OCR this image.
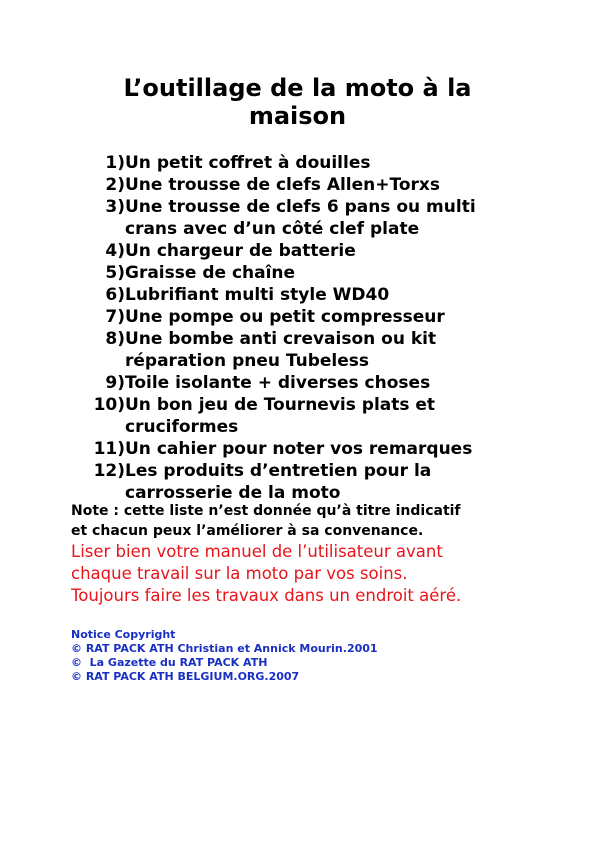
L’outillage de la moto à la
maison
1) Un petit coffret à douilles
2) Une trousse de clefs Allen+Torxs
3) Une trousse de clefs 6 pans ou multi
crans avec d’un côté clef plate
4) Un chargeur de batterie
5) Graisse de chaîne
6) Lubrifiant multi style WD40
7) Une pompe ou petit compresseur
8) Une bombe anti crevaison ou kit
réparation pneu Tubeless
9) Toile isolante + diverses choses
10) Un bon jeu de Tournevis plats et
cruciformes
11) Un cahier pour noter vos remarques
12) Les produits d’entretien pour la
carrosserie de la moto

Note : cette liste n’est donnée qu’à titre indicatif
et chacun peux l’améliorer à sa convenance.

Liser bien votre manuel de l’utilisateur avant
chaque travail sur la moto par vos soins.
Toujours faire les travaux dans un endroit aéré.

Notice Copyright
© RAT PACK ATH Christian et Annick Mourin.2001
©  La Gazette du RAT PACK ATH
© RAT PACK ATH BELGIUM.ORG.2007
